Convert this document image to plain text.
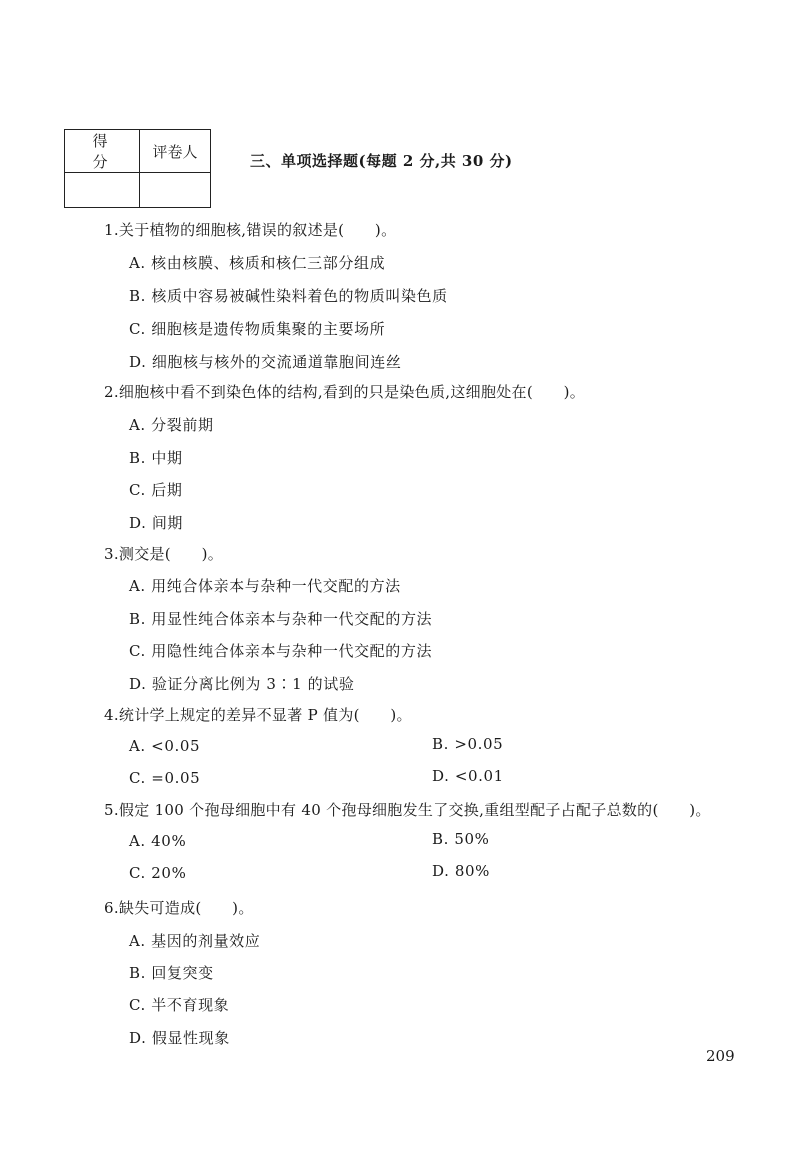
得 分	评卷人

三、单项选择题(每题 2 分,共 30 分)
1.关于植物的细胞核,错误的叙述是(　　)。
A. 核由核膜、核质和核仁三部分组成
B. 核质中容易被碱性染料着色的物质叫染色质
C. 细胞核是遗传物质集聚的主要场所
D. 细胞核与核外的交流通道靠胞间连丝
2.细胞核中看不到染色体的结构,看到的只是染色质,这细胞处在(　　)。
A. 分裂前期
B. 中期
C. 后期
D. 间期
3.测交是(　　)。
A. 用纯合体亲本与杂种一代交配的方法
B. 用显性纯合体亲本与杂种一代交配的方法
C. 用隐性纯合体亲本与杂种一代交配的方法
D. 验证分离比例为 3∶1 的试验
4.统计学上规定的差异不显著 P 值为(　　)。
A. <0.05	B. >0.05
C. =0.05	D. <0.01
5.假定 100 个孢母细胞中有 40 个孢母细胞发生了交换,重组型配子占配子总数的(　　)。
A. 40%	B. 50%
C. 20%	D. 80%
6.缺失可造成(　　)。
A. 基因的剂量效应
B. 回复突变
C. 半不育现象
D. 假显性现象
209
